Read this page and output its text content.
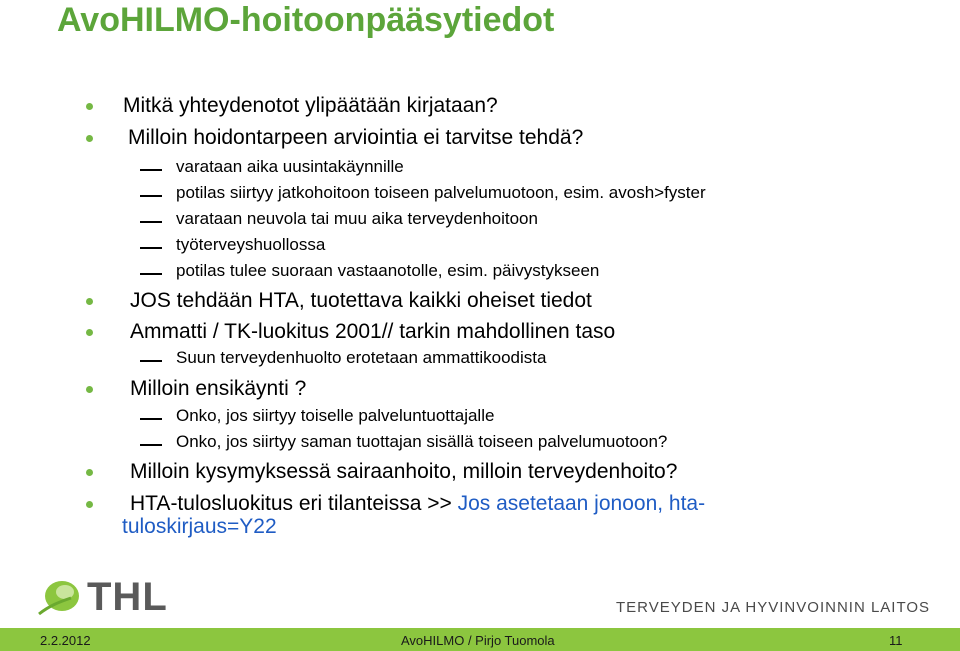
AvoHILMO-hoitoonpääsytiedot
Mitkä yhteydenotot ylipäätään kirjataan?
Milloin hoidontarpeen arviointia ei tarvitse tehdä?
varataan aika uusintakäynnille
potilas siirtyy jatkohoitoon toiseen palvelumuotoon, esim. avosh>fyster
varataan neuvola tai muu aika terveydenhoitoon
työterveyshuollossa
potilas tulee suoraan vastaanotolle, esim. päivystykseen
JOS tehdään HTA, tuotettava kaikki oheiset tiedot
Ammatti / TK-luokitus 2001// tarkin mahdollinen taso
Suun terveydenhuolto erotetaan ammattikoodista
Milloin ensikäynti ?
Onko, jos siirtyy toiselle palveluntuottajalle
Onko, jos siirtyy saman tuottajan sisällä toiseen palvelumuotoon?
Milloin kysymyksessä sairaanhoito, milloin terveydenhoito?
HTA-tulosluokitus eri tilanteissa >> Jos asetetaan jonoon, hta-
tuloskirjaus=Y22
THL	TERVEYDEN JA HYVINVOINNIN LAITOS
2.2.2012	AvoHILMO / Pirjo Tuomola	11
